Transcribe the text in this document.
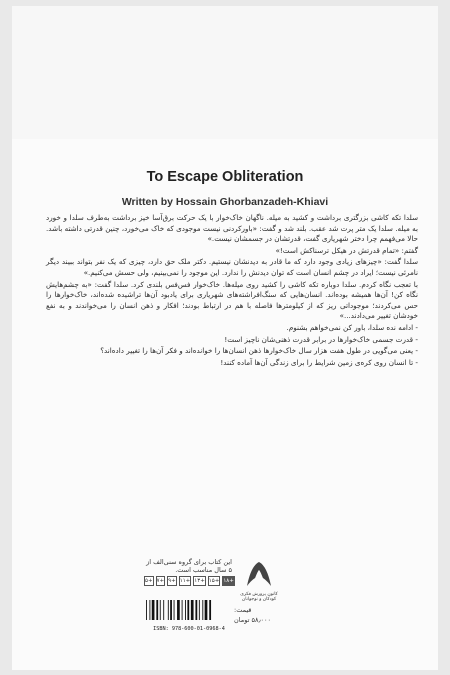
To Escape Obliteration
Written by Hossain Ghorbanzadeh-Khiavi

سلدا تکه کاشی بزرگتری برداشت و کشید به میله. ناگهان خاک‌خوار با یک حرکت برق‌آسا خیز برداشت به‌طرف سلدا و خورد به میله. سلدا یک متر پرت شد عقب. بلند شد و گفت: «باورکردنی نیست موجودی که خاک می‌خورد، چنین قدرتی داشته باشد. حالا می‌فهمم چرا دختر شهریاری گفت، قدرتشان در جسمشان نیست.»

گفتم: «تمام قدرتش در هیکل ترسناکش است!»

سلدا گفت: «چیزهای زیادی وجود دارد که ما قادر به دیدنشان نیستیم. دکتر ملک حق دارد، چیزی که یک نفر بتواند ببیند دیگر نامرئی نیست؛ ایراد در چشم انسان است که توان دیدنش را ندارد. این موجود را نمی‌بینیم، ولی حسش می‌کنیم.»

با تعجب نگاه کردم. سلدا دوباره تکه کاشی را کشید روی میله‌ها. خاک‌خوار فس‌فس بلندی کرد. سلدا گفت: «به چشم‌هایش نگاه کن! آن‌ها همیشه بوده‌اند. انسان‌هایی که سنگ‌افراشته‌های شهریاری برای یادبود آن‌ها تراشیده شده‌اند، خاک‌خوارها را حس می‌کردند؛ موجوداتی ریز که از کیلومترها فاصله با هم در ارتباط بودند؛ افکار و ذهن انسان را می‌خواندند و به نفع خودشان تغییر می‌دادند...»

- ادامه نده سلدا، باور کن نمی‌خواهم بشنوم.

- قدرت جسمی خاک‌خوارها در برابر قدرت ذهنی‌شان ناچیز است!

- یعنی می‌گویی در طول هفت هزار سال خاک‌خوارها ذهن انسان‌ها را خوانده‌اند و فکر آن‌ها را تغییر داده‌اند؟

- تا انسان روی کره‌ی زمین شرایط را برای زندگی آن‌ها آماده کنند!

این کتاب برای گروه سنی‌الف از ۵ سال مناسب است.
+۵ +۷ +۹ +۱۱ +۱۳ +۱۵ +۱۸
کانون پرورش فکری کودکان و نوجوانان
ISBN: 978-600-01-0968-4
قیمت:
۵۸٫۰۰۰ تومان
